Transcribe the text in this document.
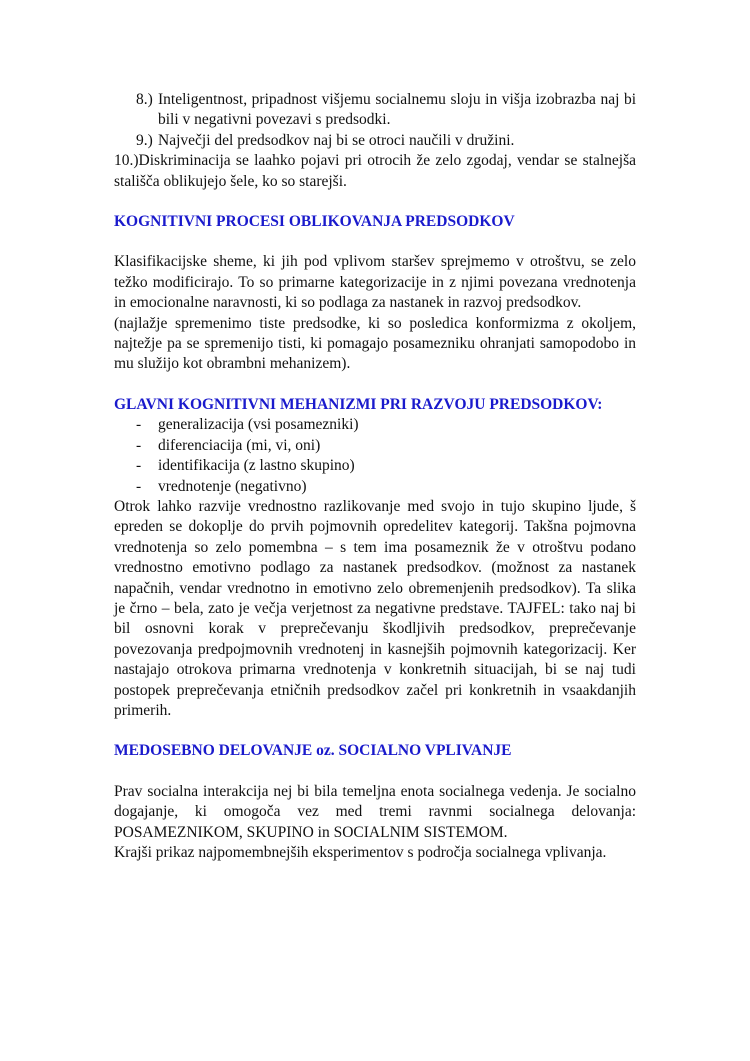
8.) Inteligentnost, pripadnost višjemu socialnemu sloju in višja izobrazba naj bi bili v negativni povezavi s predsodki.
9.) Največji del predsodkov naj bi se otroci naučili v družini.
10.)Diskriminacija se laahko pojavi pri otrocih že zelo zgodaj, vendar se stalnejša    stališča oblikujejo šele, ko so starejši.
KOGNITIVNI PROCESI OBLIKOVANJA PREDSODKOV

Klasifikacijske sheme, ki jih pod vplivom staršev sprejmemo v otroštvu, se zelo težko modificirajo. To so primarne kategorizacije in z njimi povezana vrednotenja in emocionalne naravnosti, ki so podlaga za nastanek in razvoj predsodkov.

(najlažje spremenimo tiste predsodke, ki so posledica konformizma z okoljem, najtežje pa se spremenijo tisti, ki pomagajo posamezniku ohranjati samopodobo in mu služijo kot obrambni mehanizem).

GLAVNI KOGNITIVNI MEHANIZMI PRI RAZVOJU PREDSODKOV:
- generalizacija (vsi posamezniki)
- diferenciacija (mi, vi, oni)
- identifikacija (z lastno skupino)
- vrednotenje (negativno)

Otrok lahko razvije vrednostno razlikovanje med svojo in tujo skupino ljude, š epreden se dokoplje do prvih pojmovnih opredelitev kategorij. Takšna pojmovna vrednotenja so zelo pomembna – s tem ima posameznik že v otroštvu podano vrednostno emotivno podlago za nastanek predsodkov. (možnost za nastanek napačnih, vendar vrednotno in emotivno zelo obremenjenih predsodkov). Ta slika je črno – bela, zato je večja verjetnost za negativne predstave. TAJFEL: tako naj bi bil osnovni korak v preprečevanju škodljivih predsodkov, preprečevanje povezovanja predpojmovnih vrednotenj in kasnejših pojmovnih kategorizacij. Ker nastajajo otrokova primarna vrednotenja v konkretnih situacijah, bi se naj tudi postopek preprečevanja etničnih predsodkov začel pri konkretnih in vsaakdanjih primerih.

MEDOSEBNO DELOVANJE oz. SOCIALNO VPLIVANJE

Prav socialna interakcija nej bi bila temeljna enota socialnega vedenja. Je socialno dogajanje, ki omogoča vez med tremi ravnmi socialnega delovanja: POSAMEZNIKOM, SKUPINO in SOCIALNIM SISTEMOM.

Krajši prikaz najpomembnejših eksperimentov s področja socialnega vplivanja.
